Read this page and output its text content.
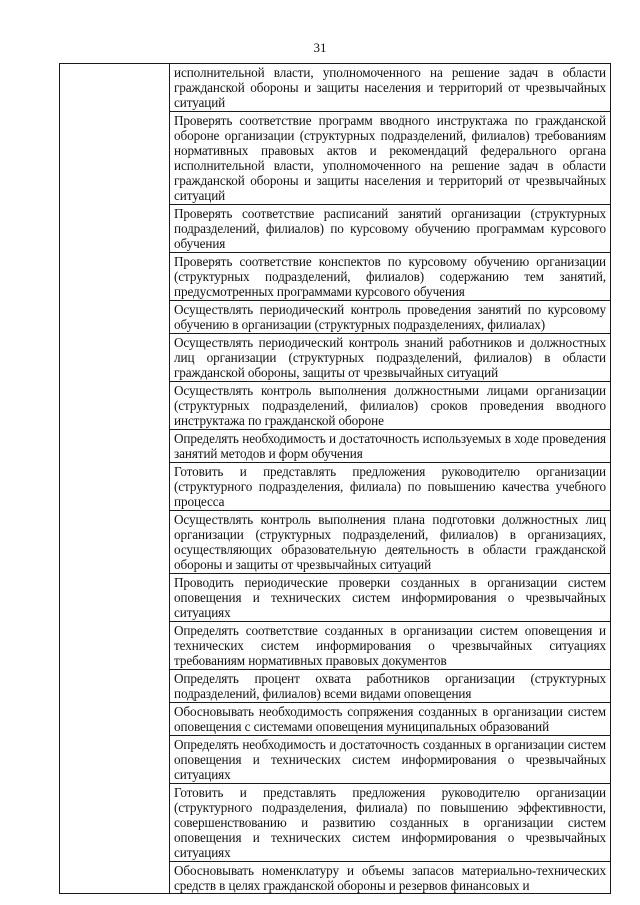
31

исполнительной власти, уполномоченного на решение задач в области гражданской обороны и защиты населения и территорий от чрезвычайных ситуаций

Проверять соответствие программ вводного инструктажа по гражданской обороне организации (структурных подразделений, филиалов) требованиям нормативных правовых актов и рекомендаций федерального органа исполнительной власти, уполномоченного на решение задач в области гражданской обороны и защиты населения и территорий от чрезвычайных ситуаций

Проверять соответствие расписаний занятий организации (структурных подразделений, филиалов) по курсовому обучению программам курсового обучения

Проверять соответствие конспектов по курсовому обучению организации (структурных подразделений, филиалов) содержанию тем занятий, предусмотренных программами курсового обучения

Осуществлять периодический контроль проведения занятий по курсовому обучению в организации (структурных подразделениях, филиалах)

Осуществлять периодический контроль знаний работников и должностных лиц организации (структурных подразделений, филиалов) в области гражданской обороны, защиты от чрезвычайных ситуаций

Осуществлять контроль выполнения должностными лицами организации (структурных подразделений, филиалов) сроков проведения вводного инструктажа по гражданской обороне

Определять необходимость и достаточность используемых в ходе проведения занятий методов и форм обучения

Готовить и представлять предложения руководителю организации (структурного подразделения, филиала) по повышению качества учебного процесса

Осуществлять контроль выполнения плана подготовки должностных лиц организации (структурных подразделений, филиалов) в организациях, осуществляющих образовательную деятельность в области гражданской обороны и защиты от чрезвычайных ситуаций

Проводить периодические проверки созданных в организации систем оповещения и технических систем информирования о чрезвычайных ситуациях

Определять соответствие созданных в организации систем оповещения и технических систем информирования о чрезвычайных ситуациях требованиям нормативных правовых документов

Определять процент охвата работников организации (структурных подразделений, филиалов) всеми видами оповещения

Обосновывать необходимость сопряжения созданных в организации систем оповещения с системами оповещения муниципальных образований

Определять необходимость и достаточность созданных в организации систем оповещения и технических систем информирования о чрезвычайных ситуациях

Готовить и представлять предложения руководителю организации (структурного подразделения, филиала) по повышению эффективности, совершенствованию и развитию созданных в организации систем оповещения и технических систем информирования о чрезвычайных ситуациях

Обосновывать номенклатуру и объемы запасов материально-технических средств в целях гражданской обороны и резервов финансовых и
